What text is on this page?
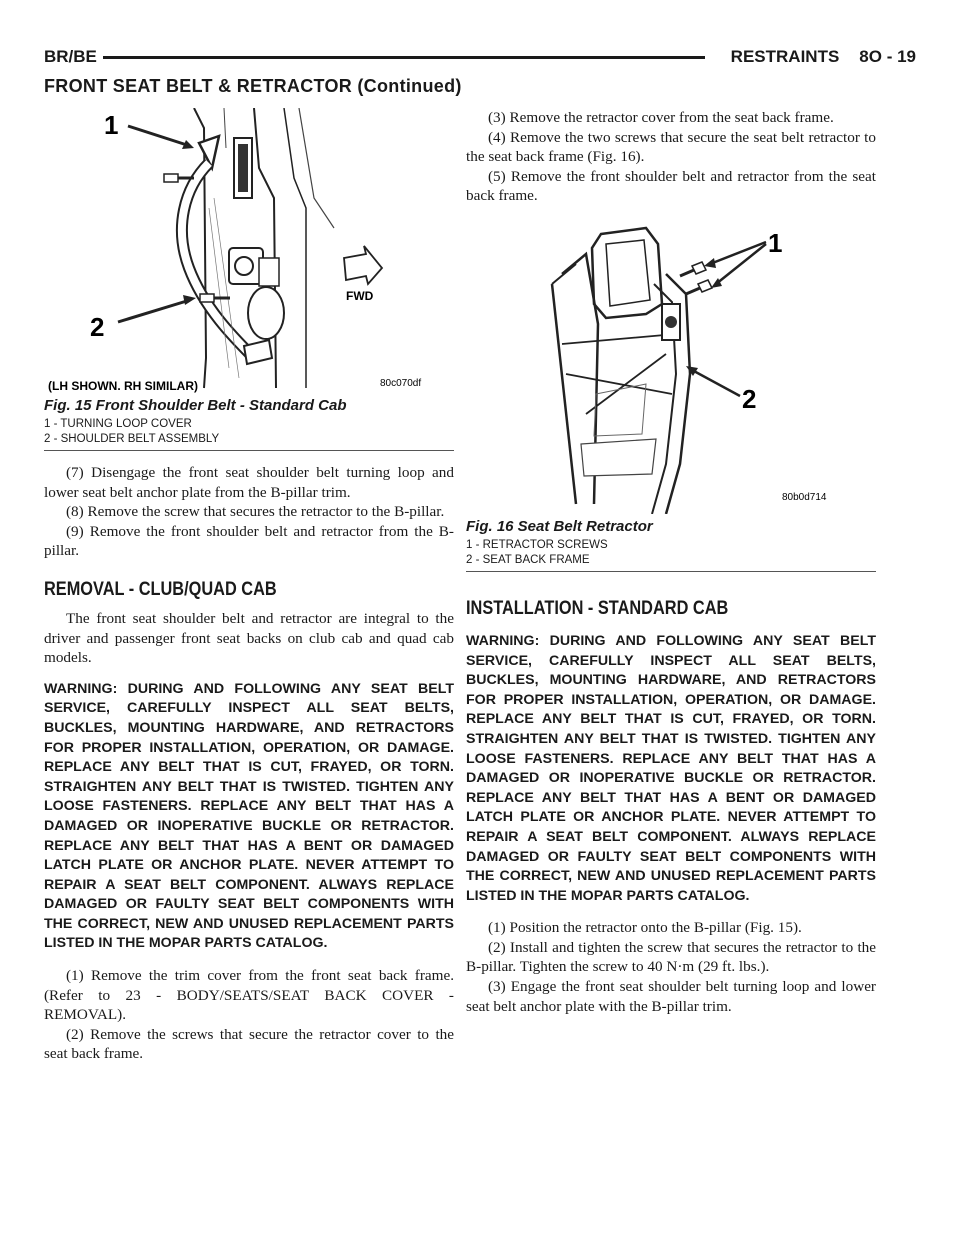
BR/BE	RESTRAINTS 8O - 19
FRONT SEAT BELT & RETRACTOR (Continued)
1
2
FWD
(LH SHOWN. RH SIMILAR)	80c070df
Fig. 15 Front Shoulder Belt - Standard Cab
1 - TURNING LOOP COVER
2 - SHOULDER BELT ASSEMBLY

(7) Disengage the front seat shoulder belt turning loop and lower seat belt anchor plate from the B-pillar trim.

(8) Remove the screw that secures the retractor to the B-pillar.

(9) Remove the front shoulder belt and retractor from the B-pillar.

REMOVAL - CLUB/QUAD CAB

The front seat shoulder belt and retractor are integral to the driver and passenger front seat backs on club cab and quad cab models.

WARNING: DURING AND FOLLOWING ANY SEAT BELT SERVICE, CAREFULLY INSPECT ALL SEAT BELTS, BUCKLES, MOUNTING HARDWARE, AND RETRACTORS FOR PROPER INSTALLATION, OPERATION, OR DAMAGE. REPLACE ANY BELT THAT IS CUT, FRAYED, OR TORN. STRAIGHTEN ANY BELT THAT IS TWISTED. TIGHTEN ANY LOOSE FASTENERS. REPLACE ANY BELT THAT HAS A DAMAGED OR INOPERATIVE BUCKLE OR RETRACTOR. REPLACE ANY BELT THAT HAS A BENT OR DAMAGED LATCH PLATE OR ANCHOR PLATE. NEVER ATTEMPT TO REPAIR A SEAT BELT COMPONENT. ALWAYS REPLACE DAMAGED OR FAULTY SEAT BELT COMPONENTS WITH THE CORRECT, NEW AND UNUSED REPLACEMENT PARTS LISTED IN THE MOPAR PARTS CATALOG.

(1) Remove the trim cover from the front seat back frame. (Refer to 23 - BODY/SEATS/SEAT BACK COVER - REMOVAL).

(2) Remove the screws that secure the retractor cover to the seat back frame.

(3) Remove the retractor cover from the seat back frame.

(4) Remove the two screws that secure the seat belt retractor to the seat back frame (Fig. 16).

(5) Remove the front shoulder belt and retractor from the seat back frame.

1
2
80b0d714
Fig. 16 Seat Belt Retractor
1 - RETRACTOR SCREWS
2 - SEAT BACK FRAME
INSTALLATION - STANDARD CAB
WARNING: DURING AND FOLLOWING ANY SEAT BELT SERVICE, CAREFULLY INSPECT ALL SEAT BELTS, BUCKLES, MOUNTING HARDWARE, AND RETRACTORS FOR PROPER INSTALLATION, OPERATION, OR DAMAGE. REPLACE ANY BELT THAT IS CUT, FRAYED, OR TORN. STRAIGHTEN ANY BELT THAT IS TWISTED. TIGHTEN ANY LOOSE FASTENERS. REPLACE ANY BELT THAT HAS A DAMAGED OR INOPERATIVE BUCKLE OR RETRACTOR. REPLACE ANY BELT THAT HAS A BENT OR DAMAGED LATCH PLATE OR ANCHOR PLATE. NEVER ATTEMPT TO REPAIR A SEAT BELT COMPONENT. ALWAYS REPLACE DAMAGED OR FAULTY SEAT BELT COMPONENTS WITH THE CORRECT, NEW AND UNUSED REPLACEMENT PARTS LISTED IN THE MOPAR PARTS CATALOG.

(1) Position the retractor onto the B-pillar (Fig. 15).

(2) Install and tighten the screw that secures the retractor to the B-pillar. Tighten the screw to 40 N·m (29 ft. lbs.).

(3) Engage the front seat shoulder belt turning loop and lower seat belt anchor plate with the B-pillar trim.
